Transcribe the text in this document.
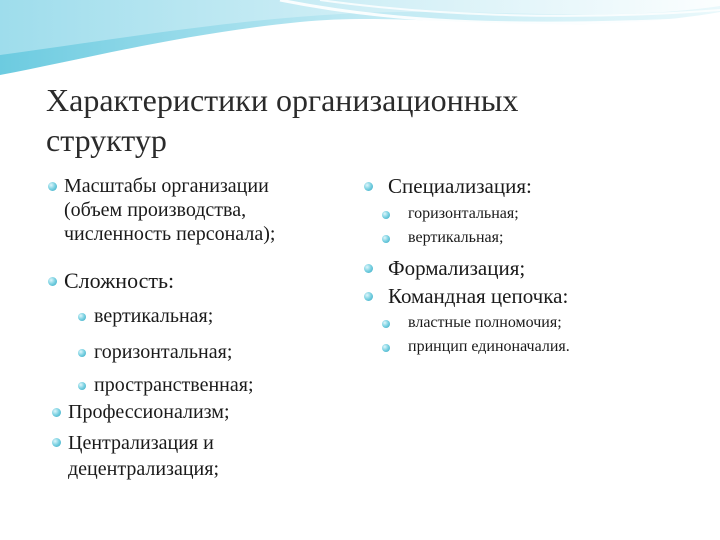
Характеристики организационных
структур
Масштабы организации
(объем производства,
численность персонала);
Сложность:
вертикальная;
горизонтальная;
пространственная;
Профессионализм;
Централизация и
децентрализация;
Специализация:
горизонтальная;
вертикальная;
Формализация;
Командная цепочка:
властные полномочия;
принцип единоначалия.
